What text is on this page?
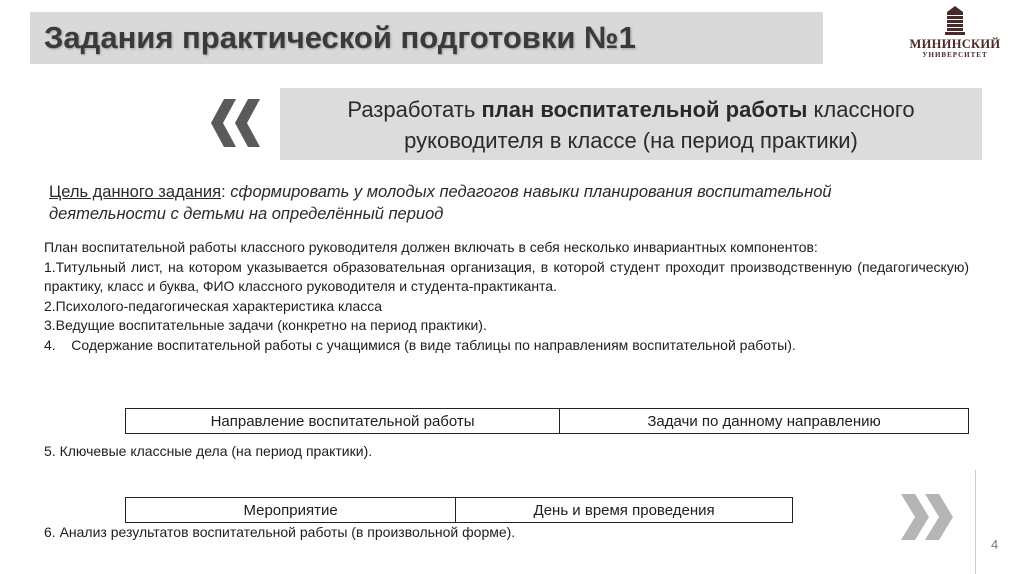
Задания практической подготовки №1	МИНИНСКИЙ
УНИВЕРСИТЕТ
Разработать план воспитательной работы классного руководителя в классе (на период практики)
Цель данного задания: сформировать у молодых педагогов навыки планирования воспитательной деятельности с детьми на определённый период

План воспитательной работы классного руководителя должен включать в себя несколько инвариантных компонентов:

1.Титульный лист, на котором указывается образовательная организация, в которой студент проходит производственную (педагогическую) практику, класс и буква, ФИО классного руководителя и студента-практиканта.

2.Психолого-педагогическая характеристика класса

3.Ведущие воспитательные задачи (конкретно на период практики).

4.    Содержание воспитательной работы с учащимися (в виде таблицы по направлениям воспитательной работы).

Направление воспитательной работы	Задачи по данному направлению
5. Ключевые классные дела (на период практики).
Мероприятие	День и время проведения
6. Анализ результатов воспитательной работы (в произвольной форме).
4
